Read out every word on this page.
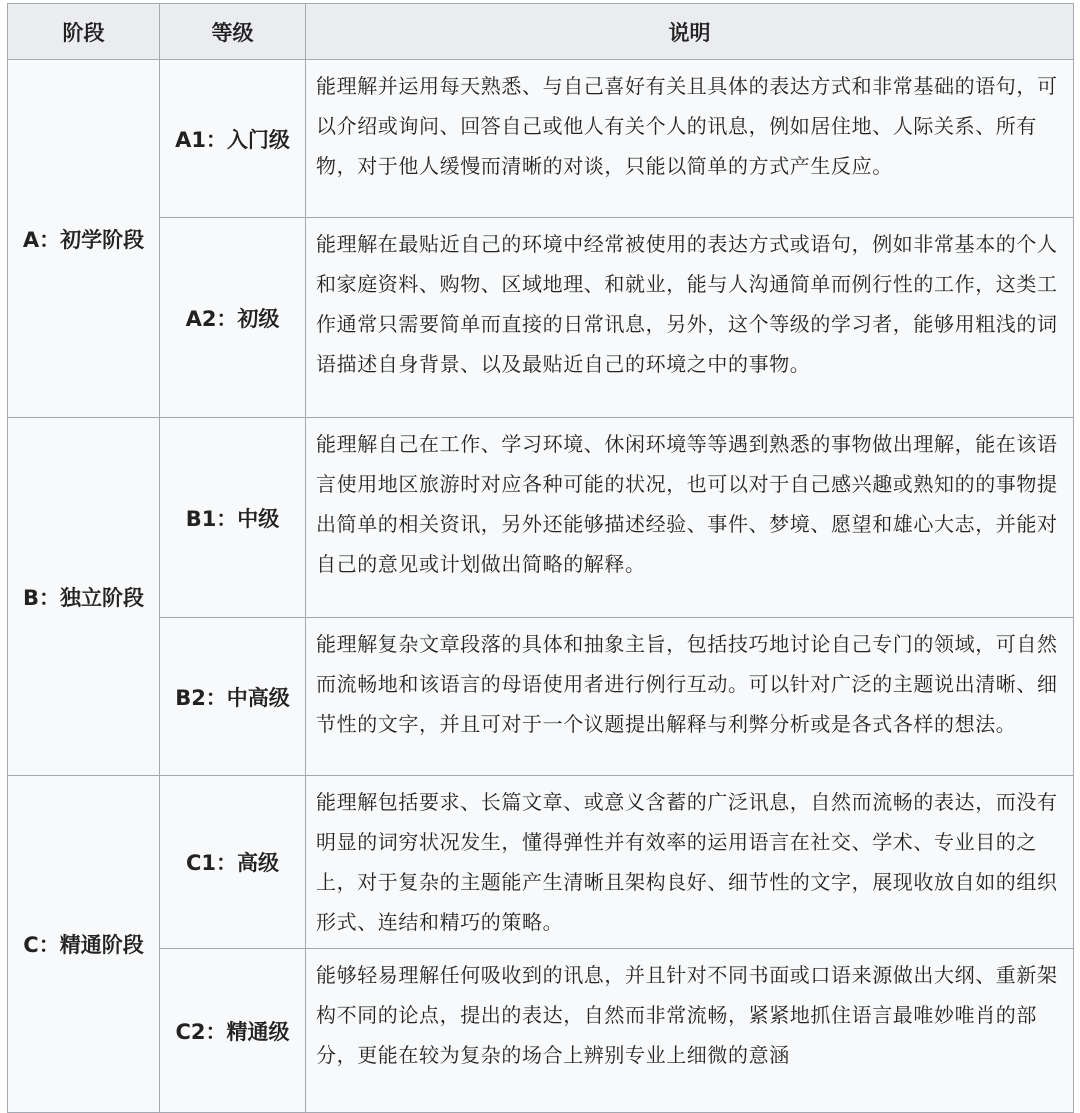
阶段	等级	说明
A：初学阶段	A1：入门级	能理解并运用每天熟悉、与自己喜好有关且具体的表达方式和非常基础的语句，可以介绍或询问、回答自己或他人有关个人的讯息，例如居住地、人际关系、所有物，对于他人缓慢而清晰的对谈，只能以简单的方式产生反应。
	A2：初级	能理解在最贴近自己的环境中经常被使用的表达方式或语句，例如非常基本的个人和家庭资料、购物、区域地理、和就业，能与人沟通简单而例行性的工作，这类工作通常只需要简单而直接的日常讯息，另外，这个等级的学习者，能够用粗浅的词语描述自身背景、以及最贴近自己的环境之中的事物。
B：独立阶段	B1：中级	能理解自己在工作、学习环境、休闲环境等等遇到熟悉的事物做出理解，能在该语言使用地区旅游时对应各种可能的状况，也可以对于自己感兴趣或熟知的的事物提出简单的相关资讯，另外还能够描述经验、事件、梦境、愿望和雄心大志，并能对自己的意见或计划做出简略的解释。
	B2：中高级	能理解复杂文章段落的具体和抽象主旨，包括技巧地讨论自己专门的领域，可自然而流畅地和该语言的母语使用者进行例行互动。可以针对广泛的主题说出清晰、细节性的文字，并且可对于一个议题提出解释与利弊分析或是各式各样的想法。
C：精通阶段	C1：高级	能理解包括要求、长篇文章、或意义含蓄的广泛讯息，自然而流畅的表达，而没有明显的词穷状况发生，懂得弹性并有效率的运用语言在社交、学术、专业目的之上，对于复杂的主题能产生清晰且架构良好、细节性的文字，展现收放自如的组织形式、连结和精巧的策略。
	C2：精通级	能够轻易理解任何吸收到的讯息，并且针对不同书面或口语来源做出大纲、重新架构不同的论点，提出的表达，自然而非常流畅，紧紧地抓住语言最唯妙唯肖的部分，更能在较为复杂的场合上辨别专业上细微的意涵
